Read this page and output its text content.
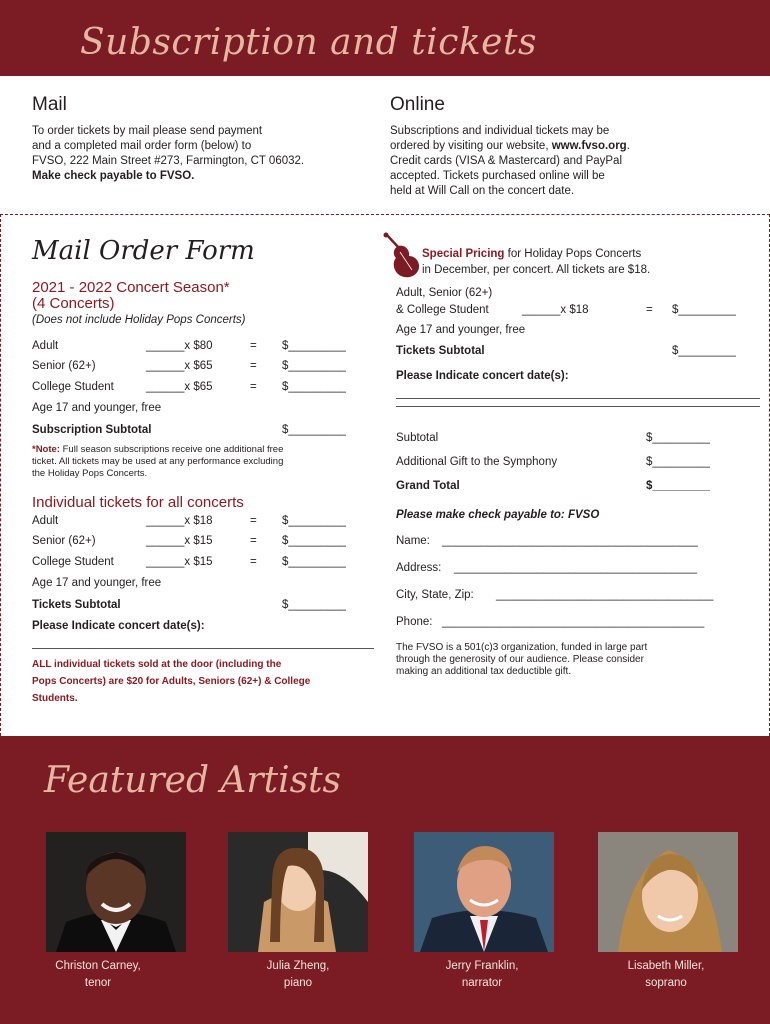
Subscription and tickets
Mail
To order tickets by mail please send payment
and a completed mail order form (below) to
FVSO, 222 Main Street #273, Farmington, CT 06032.
Make check payable to FVSO.
Online
Subscriptions and individual tickets may be
ordered by visiting our website, www.fvso.org.
Credit cards (VISA & Mastercard) and PayPal
accepted. Tickets purchased online will be
held at Will Call on the concert date.
Mail Order Form
2021 - 2022 Concert Season*
(4 Concerts)
(Does not include Holiday Pops Concerts)
Adult	______x $80	= $_________
Senior (62+)	______x $65	= $_________
College Student	______x $65	= $_________
Age 17 and younger, free
Subscription Subtotal	$_________
*Note: Full season subscriptions receive one additional free
ticket. All tickets may be used at any performance excluding
the Holiday Pops Concerts.
Individual tickets for all concerts
Adult	______x $18	= $_________
Senior (62+)	______x $15	= $_________
College Student	______x $15	= $_________
Age 17 and younger, free
Tickets Subtotal	$_________
Please Indicate concert date(s):
ALL individual tickets sold at the door (including the
Pops Concerts) are $20 for Adults, Seniors (62+) & College
Students.
Special Pricing for Holiday Pops Concerts
in December, per concert. All tickets are $18.
Adult, Senior (62+)
& College Student	______x $18	= $_________
Age 17 and younger, free
Tickets Subtotal	$_________
Please Indicate concert date(s):
Subtotal	$_________
Additional Gift to the Symphony	$_________
Grand Total	$_________
Please make check payable to: FVSO
Name: ________________________________________
Address: ______________________________________
City, State, Zip: __________________________________
Phone: _________________________________________
The FVSO is a 501(c)3 organization, funded in large part
through the generosity of our audience. Please consider
making an additional tax deductible gift.
Featured Artists
Christon Carney,
tenor
Julia Zheng,
piano
Jerry Franklin,
narrator
Lisabeth Miller,
soprano
